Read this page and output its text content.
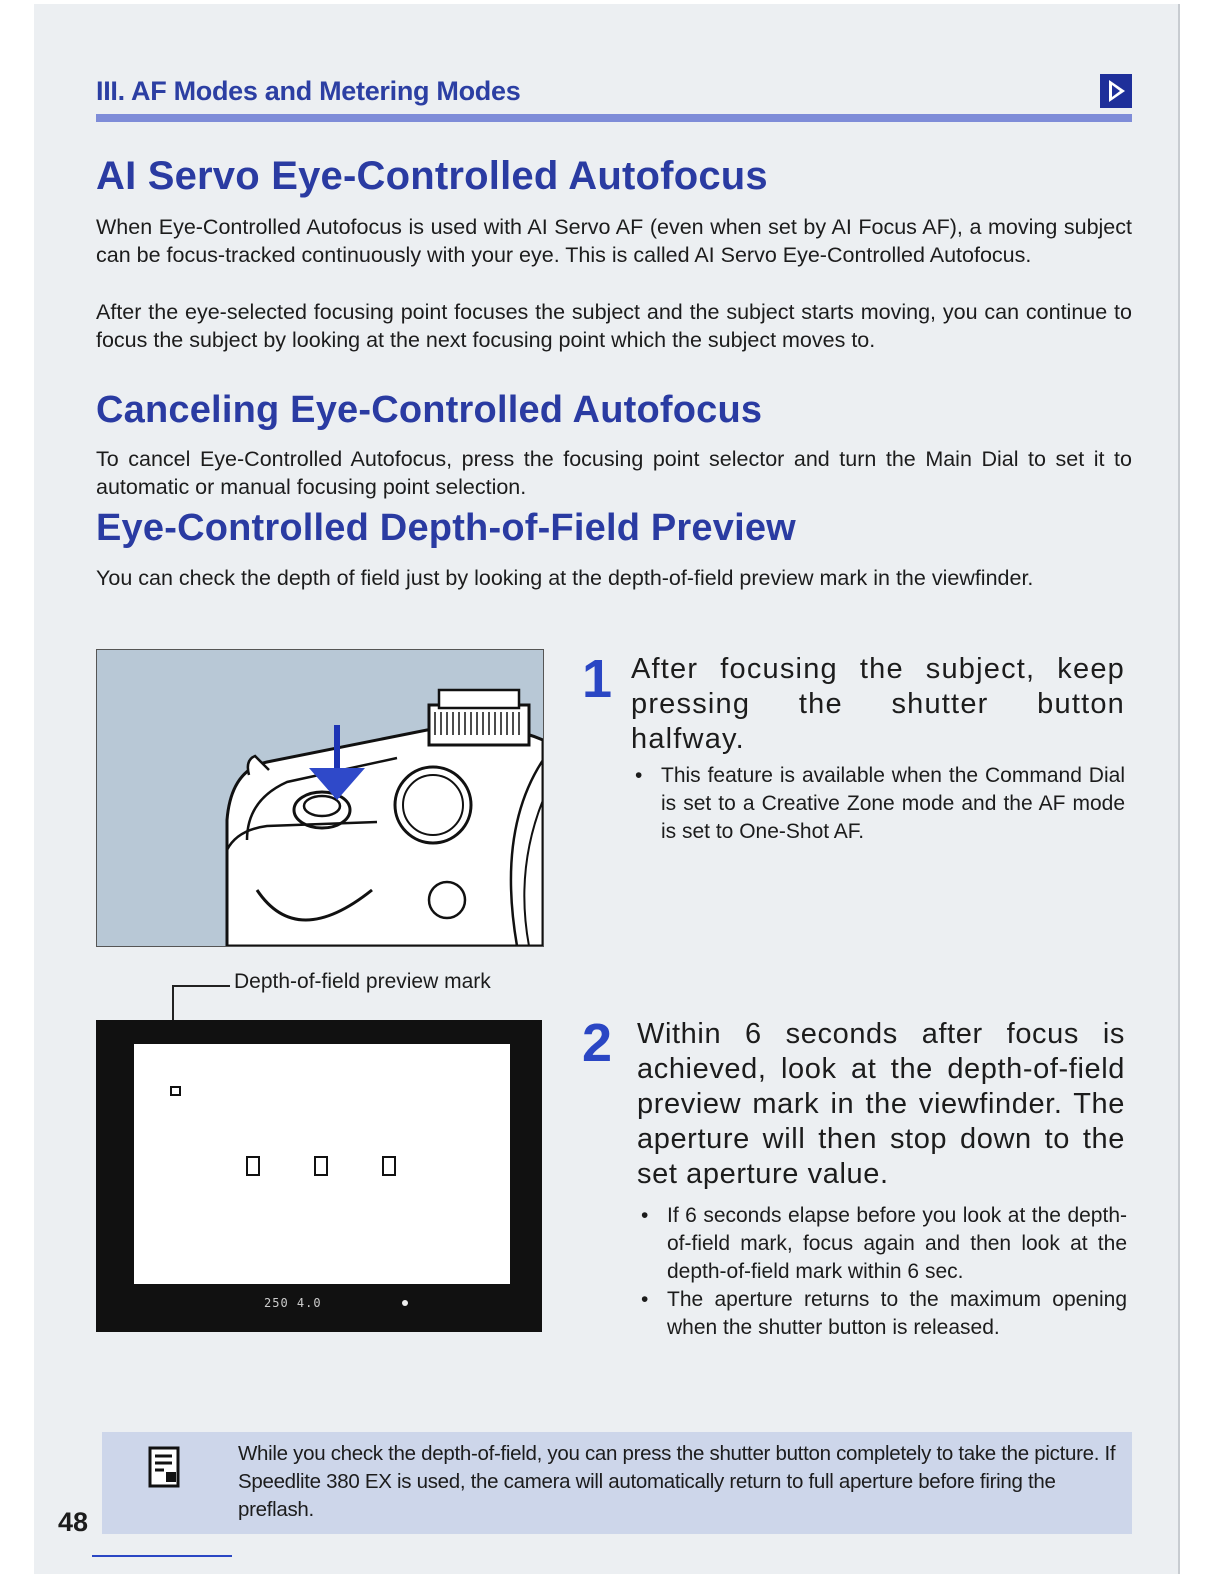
III. AF Modes and Metering Modes
AI Servo Eye-Controlled Autofocus

When Eye-Controlled Autofocus is used with AI Servo AF (even when set by AI Focus AF), a moving subject can be focus-tracked continuously with your eye. This is called AI Servo Eye-Controlled Autofocus.

After the eye-selected focusing point focuses the subject and the subject starts moving, you can continue to focus the subject by looking at the next focusing point which the subject moves to.

Canceling Eye-Controlled Autofocus

To cancel Eye-Controlled Autofocus, press the focusing point selector and turn the Main Dial to set it to automatic or manual focusing point selection.

Eye-Controlled Depth-of-Field Preview

You can check the depth of field just by looking at the depth-of-field preview mark in the viewfinder.

Depth-of-field preview mark
250 4.0
1 After focusing the subject, keep pressing the shutter button halfway.

• This feature is available when the Command Dial is set to a Creative Zone mode and the AF mode is set to One-Shot AF.
2 Within 6 seconds after focus is achieved, look at the depth-of-field preview mark in the viewfinder. The aperture will then stop down to the set aperture value.

• If 6 seconds elapse before you look at the depth-of-field mark, focus again and then look at the depth-of-field mark within 6 sec.
• The aperture returns to the maximum opening when the shutter button is released.

While you check the depth-of-field, you can press the shutter button completely to take the picture. If Speedlite 380 EX is used, the camera will automatically return to full aperture before firing the preflash.

48
